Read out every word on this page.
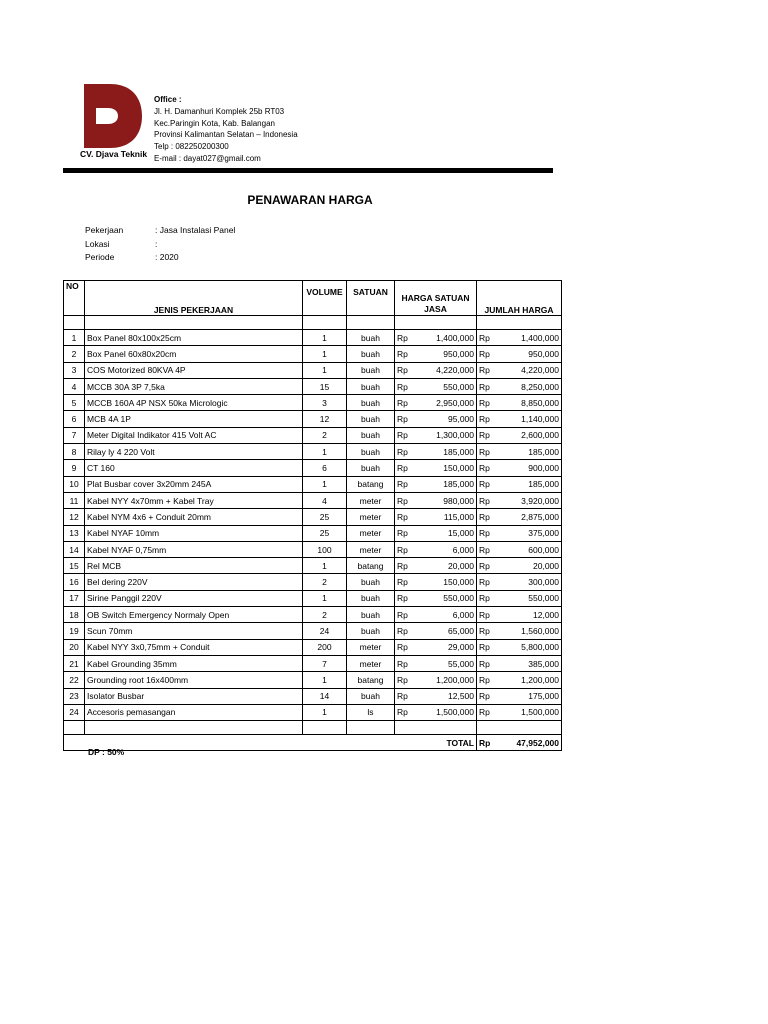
CV. Djava Teknik
Office :
Jl. H. Damanhuri Komplek 25b RT03
Kec.Paringin Kota, Kab. Balangan
Provinsi Kalimantan Selatan – Indonesia
Telp : 082250200300
E-mail : dayat027@gmail.com
PENAWARAN HARGA
Pekerjaan	: Jasa Instalasi Panel
Lokasi	:
Periode	: 2020
NO	JENIS PEKERJAAN	VOLUME	SATUAN	HARGA SATUAN JASA	JUMLAH HARGA

1	Box Panel 80x100x25cm	1	buah	Rp 1,400,000	Rp 1,400,000

2	Box Panel 60x80x20cm	1	buah	Rp 950,000	Rp 950,000

3	COS Motorized 80KVA 4P	1	buah	Rp 4,220,000	Rp 4,220,000

4	MCCB 30A 3P 7,5ka	15	buah	Rp 550,000	Rp 8,250,000

5	MCCB 160A 4P NSX 50ka Micrologic	3	buah	Rp 2,950,000	Rp 8,850,000

6	MCB 4A 1P	12	buah	Rp 95,000	Rp 1,140,000

7	Meter Digital Indikator 415 Volt AC	2	buah	Rp 1,300,000	Rp 2,600,000

8	Rilay ly 4 220 Volt	1	buah	Rp 185,000	Rp 185,000

9	CT 160	6	buah	Rp 150,000	Rp 900,000

10	Plat Busbar cover 3x20mm 245A	1	batang	Rp 185,000	Rp 185,000

11	Kabel NYY 4x70mm + Kabel Tray	4	meter	Rp 980,000	Rp 3,920,000

12	Kabel NYM 4x6 + Conduit 20mm	25	meter	Rp 115,000	Rp 2,875,000

13	Kabel NYAF 10mm	25	meter	Rp 15,000	Rp 375,000

14	Kabel NYAF 0,75mm	100	meter	Rp 6,000	Rp 600,000

15	Rel MCB	1	batang	Rp 20,000	Rp 20,000

16	Bel dering 220V	2	buah	Rp 150,000	Rp 300,000

17	Sirine Panggil 220V	1	buah	Rp 550,000	Rp 550,000

18	OB Switch Emergency Normaly Open	2	buah	Rp 6,000	Rp 12,000

19	Scun 70mm	24	buah	Rp 65,000	Rp 1,560,000

20	Kabel NYY 3x0,75mm + Conduit	200	meter	Rp 29,000	Rp 5,800,000

21	Kabel Grounding 35mm	7	meter	Rp 55,000	Rp 385,000

22	Grounding root 16x400mm	1	batang	Rp 1,200,000	Rp 1,200,000

23	Isolator Busbar	14	buah	Rp 12,500	Rp 175,000

24	Accesoris pemasangan	1	ls	Rp 1,500,000	Rp 1,500,000

TOTAL					Rp 47,952,000
DP : 50%
